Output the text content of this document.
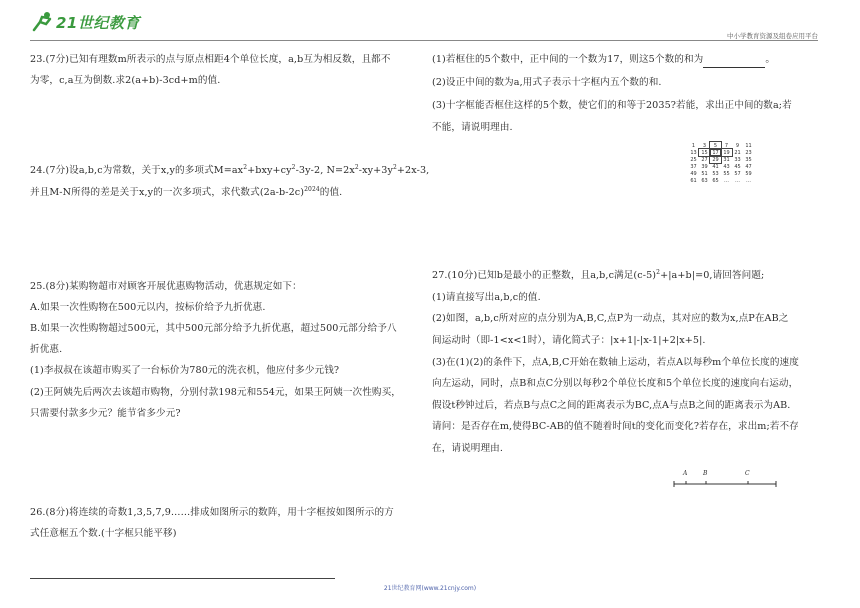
21世纪教育
中小学教育资源及组卷应用平台
23.(7分)已知有理数m所表示的点与原点相距4个单位长度，a,b互为相反数，且都不
为零，c,a互为倒数.求2(a+b)-3cd+m的值.
24.(7分)设a,b,c为常数，关于x,y的多项式$M=ax^2+bxy+cy^2-3y-2$, $N=2x^2-xy+3y^2+2x-3$,
并且M-N所得的差是关于x,y的一次多项式，求代数式$(2a-b-2c)^{2024}$的值.
25.(8分)某购物超市对顾客开展优惠购物活动，优惠规定如下：
A.如果一次性购物在500元以内，按标价给予九折优惠.
B.如果一次性购物超过500元，其中500元部分给予九折优惠，超过500元部分给予八
折优惠.
(1)李叔叔在该超市购买了一台标价为780元的洗衣机，他应付多少元钱?
(2)王阿姨先后两次去该超市购物，分别付款198元和554元，如果王阿姨一次性购买，
只需要付款多少元？能节省多少元?
26.(8分)将连续的奇数1,3,5,7,9……排成如图所示的数阵，用十字框按如图所示的方
式任意框五个数.(十字框只能平移)
(1)若框住的5个数中，正中间的一个数为17，则这5个数的和为	。
(2)设正中间的数为a,用式子表示十字框内五个数的和.
(3)十字框能否框住这样的5个数，使它们的和等于2035?若能，求出正中间的数a;若
不能，请说明理由.
1	3	5	7	9	11
13	15	17	19	21	23
25	27	29	31	33	35
37	39	41	43	45	47
49	51	53	55	57	59
61	63	65	…	…	…
27.(10分)已知b是最小的正整数，且a,b,c满足$(c-5)^2+|a+b|=0$,请回答问题;
(1)请直接写出a,b,c的值.
(2)如图，a,b,c所对应的点分别为A,B,C,点P为一动点，其对应的数为x,点P在AB之
间运动时（即-1<x<1时），请化简式子：|x+1|-|x-1|+2|x+5|.
(3)在(1)(2)的条件下，点A,B,C开始在数轴上运动，若点A以每秒m个单位长度的速度
向左运动，同时，点B和点C分别以每秒2个单位长度和5个单位长度的速度向右运动，
假设t秒钟过后，若点B与点C之间的距离表示为BC,点A与点B之间的距离表示为AB.
请问：是否存在m,使得BC-AB的值不随着时间t的变化而变化?若存在，求出m;若不存
在，请说明理由.
A	B	C
21世纪教育网(www.21cnjy.com)
